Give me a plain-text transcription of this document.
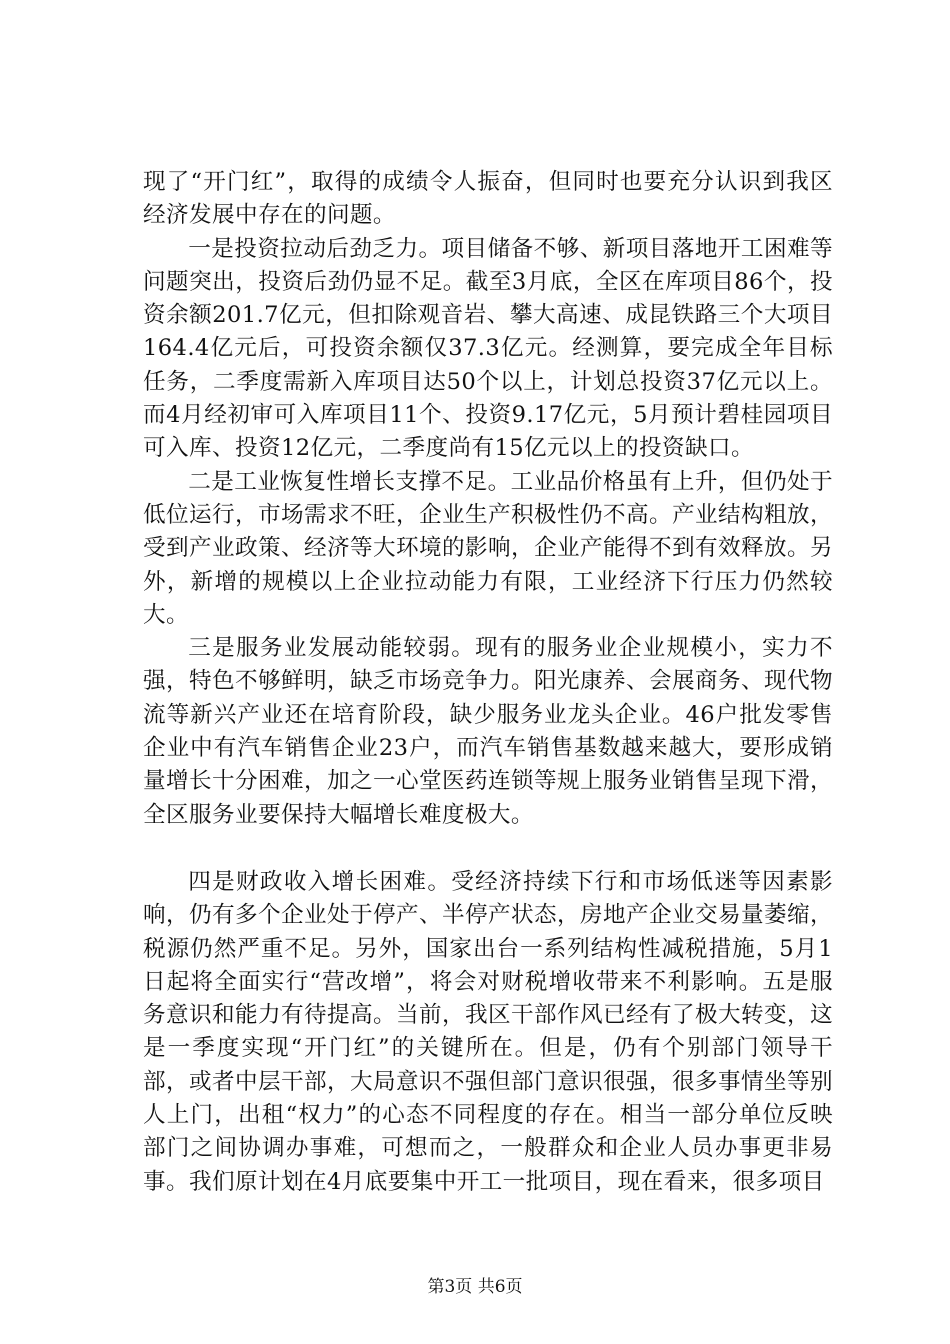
现了“开门红”，取得的成绩令人振奋，但同时也要充分认识到我区经济发展中存在的问题。

一是投资拉动后劲乏力。项目储备不够、新项目落地开工困难等问题突出，投资后劲仍显不足。截至3月底，全区在库项目86个，投资余额201.7亿元，但扣除观音岩、攀大高速、成昆铁路三个大项目164.4亿元后，可投资余额仅37.3亿元。经测算，要完成全年目标任务，二季度需新入库项目达50个以上，计划总投资37亿元以上。而4月经初审可入库项目11个、投资9.17亿元，5月预计碧桂园项目可入库、投资12亿元，二季度尚有15亿元以上的投资缺口。

二是工业恢复性增长支撑不足。工业品价格虽有上升，但仍处于低位运行，市场需求不旺，企业生产积极性仍不高。产业结构粗放，受到产业政策、经济等大环境的影响，企业产能得不到有效释放。另外，新增的规模以上企业拉动能力有限，工业经济下行压力仍然较大。

三是服务业发展动能较弱。现有的服务业企业规模小，实力不强，特色不够鲜明，缺乏市场竞争力。阳光康养、会展商务、现代物流等新兴产业还在培育阶段，缺少服务业龙头企业。46户批发零售企业中有汽车销售企业23户，而汽车销售基数越来越大，要形成销量增长十分困难，加之一心堂医药连锁等规上服务业销售呈现下滑，全区服务业要保持大幅增长难度极大。

四是财政收入增长困难。受经济持续下行和市场低迷等因素影响，仍有多个企业处于停产、半停产状态，房地产企业交易量萎缩，税源仍然严重不足。另外，国家出台一系列结构性减税措施，5月1日起将全面实行“营改增”，将会对财税增收带来不利影响。五是服务意识和能力有待提高。当前，我区干部作风已经有了极大转变，这是一季度实现“开门红”的关键所在。但是，仍有个别部门领导干部，或者中层干部，大局意识不强但部门意识很强，很多事情坐等别人上门，出租“权力”的心态不同程度的存在。相当一部分单位反映部门之间协调办事难，可想而之，一般群众和企业人员办事更非易事。我们原计划在4月底要集中开工一批项目，现在看来，很多项目

第3页 共6页
